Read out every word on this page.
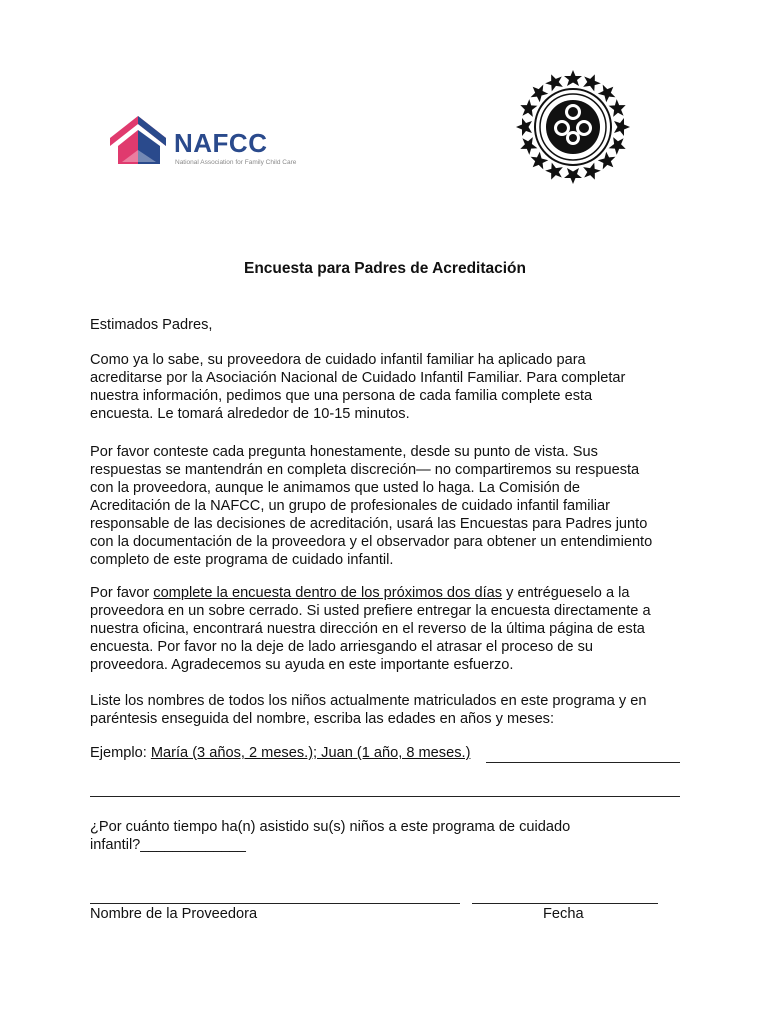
NAFCC
National Association for Family Child Care
Encuesta para Padres de Acreditación

Estimados Padres,

Como ya lo sabe, su proveedora de cuidado infantil familiar ha aplicado para

acreditarse por la Asociación Nacional de Cuidado Infantil Familiar. Para completar

nuestra información, pedimos que una persona de cada familia complete esta

encuesta. Le tomará alrededor de 10-15 minutos.

Por favor conteste cada pregunta honestamente, desde su punto de vista. Sus

respuestas se mantendrán en completa discreción— no compartiremos su respuesta

con la proveedora, aunque le animamos que usted lo haga. La Comisión de

Acreditación de la NAFCC, un grupo de profesionales de cuidado infantil familiar

responsable de las decisiones de acreditación, usará las Encuestas para Padres junto

con la documentación de la proveedora y el observador para obtener un entendimiento

completo de este programa de cuidado infantil.

Por favor complete la encuesta dentro de los próximos dos días y entrégueselo a la

proveedora en un sobre cerrado. Si usted prefiere entregar la encuesta directamente a

nuestra oficina, encontrará nuestra dirección en el reverso de la última página de esta

encuesta. Por favor no la deje de lado arriesgando el atrasar el proceso de su

proveedora. Agradecemos su ayuda en este importante esfuerzo.

Liste los nombres de todos los niños actualmente matriculados en este programa y en

paréntesis enseguida del nombre, escriba las edades en años y meses:

Ejemplo: María (3 años, 2 meses.); Juan (1 año, 8 meses.)

¿Por cuánto tiempo ha(n) asistido su(s) niños a este programa de cuidado

infantil?_____________

Nombre de la Proveedora	Fecha
